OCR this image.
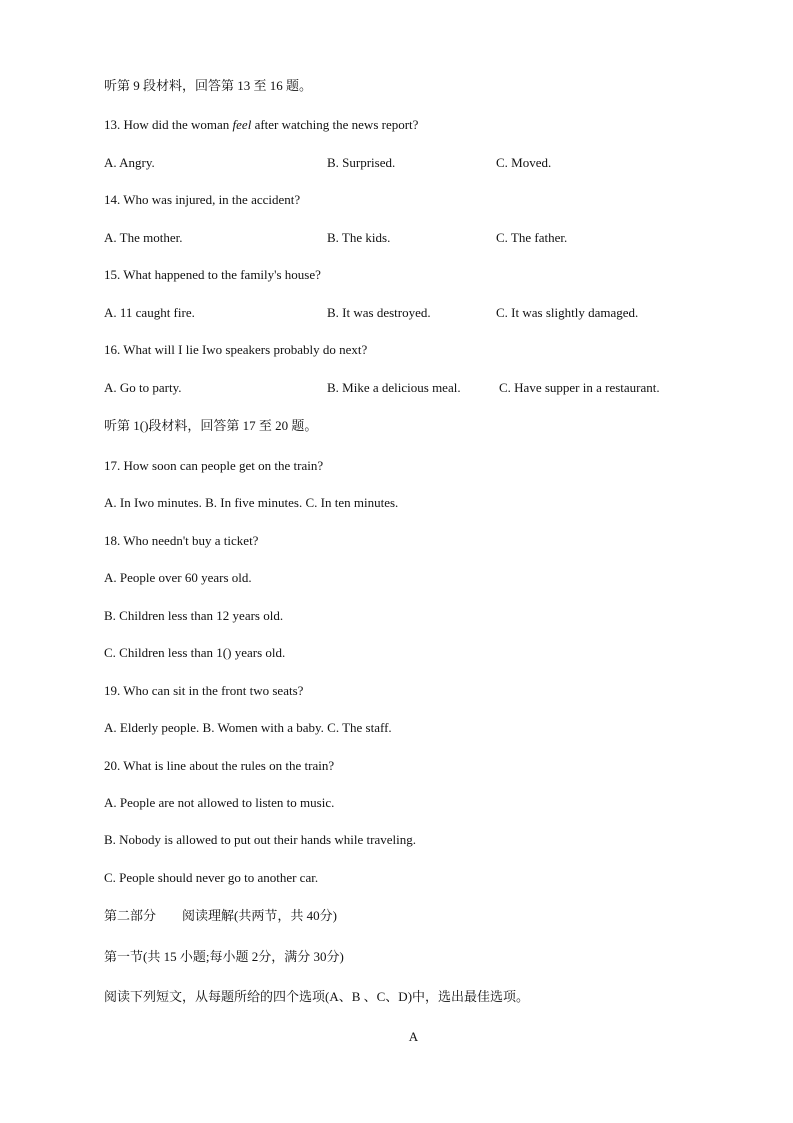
听第 9 段材料，回答第 13 至 16 题。
13. How did the woman feel after watching the news report?
A. Angry.	B. Surprised.	C. Moved.
14. Who was injured, in the accident?
A. The mother.	B. The kids.	C. The father.
15. What happened to the family's house?
A. 11 caught fire.	B. It was destroyed.	C. It was slightly damaged.
16. What will I lie Iwo speakers probably do next?
A. Go to party.	B. Mike a delicious meal.	C. Have supper in a restaurant.
听第 1()段材料，回答第 17 至 20 题。
17. How soon can people get on the train?
A. In Iwo minutes. B. In five minutes. C. In ten minutes.
18. Who needn't buy a ticket?
A. People over 60 years old.
B. Children less than 12 years old.
C. Children less than 1() years old.
19. Who can sit in the front two seats?
A. Elderly people. B. Women with a baby. C. The staff.
20. What is line about the rules on the train?
A. People are not allowed to listen to music.
B. Nobody is allowed to put out their hands while traveling.
C. People should never go to another car.
第二部分        阅读理解(共两节，共 40分)
第一节(共 15 小题;每小题 2分，满分 30分)
阅读下列短文，从每题所给的四个选项(A、B 、C、D)中，选出最佳选项。
A
